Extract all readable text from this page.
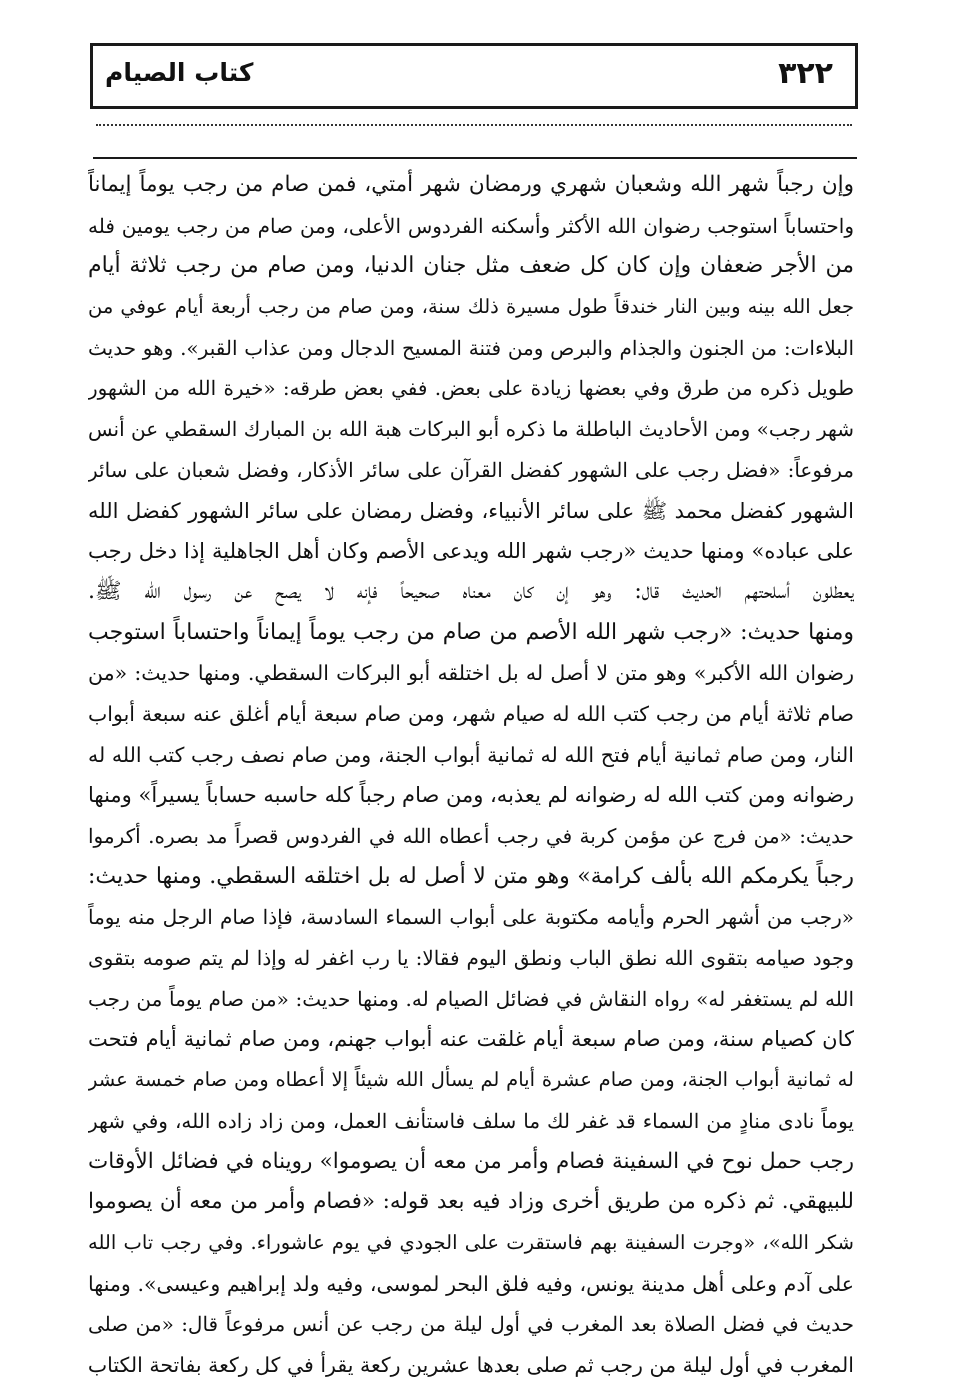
٣٢٢
كتاب الصيام
وإن رجباً شهر الله وشعبان شهري ورمضان شهر أمتي، فمن صام من رجب يوماً إيماناً
واحتساباً استوجب رضوان الله الأكثر وأسكنه الفردوس الأعلى، ومن صام من رجب يومين فله
من الأجر ضعفان وإن كان كل ضعف مثل جنان الدنيا، ومن صام من رجب ثلاثة أيام
جعل الله بينه وبين النار خندقاً طول مسيرة ذلك سنة، ومن صام من رجب أربعة أيام عوفي من
البلاءات: من الجنون والجذام والبرص ومن فتنة المسيح الدجال ومن عذاب القبر». وهو حديث
طويل ذكره من طرق وفي بعضها زيادة على بعض. ففي بعض طرقه: «خيرة الله من الشهور
شهر رجب» ومن الأحاديث الباطلة ما ذكره أبو البركات هبة الله بن المبارك السقطي عن أنس
مرفوعاً: «فضل رجب على الشهور كفضل القرآن على سائر الأذكار، وفضل شعبان على سائر
الشهور كفضل محمد ﷺ على سائر الأنبياء، وفضل رمضان على سائر الشهور كفضل الله
على عباده» ومنها حديث «رجب شهر الله ويدعى الأصم وكان أهل الجاهلية إذا دخل رجب
يعطلون أسلحتهم الحديث قال: وهو إن كان معناه صحيحاً فإنه لا يصح عن رسول الله ﷺ.
ومنها حديث: «رجب شهر الله الأصم من صام من رجب يوماً إيماناً واحتساباً استوجب
رضوان الله الأكبر» وهو متن لا أصل له بل اختلقه أبو البركات السقطي. ومنها حديث: «من
صام ثلاثة أيام من رجب كتب الله له صيام شهر، ومن صام سبعة أيام أغلق عنه سبعة أبواب
النار، ومن صام ثمانية أيام فتح الله له ثمانية أبواب الجنة، ومن صام نصف رجب كتب الله له
رضوانه ومن كتب الله له رضوانه لم يعذبه، ومن صام رجباً كله حاسبه حساباً يسيراً» ومنها
حديث: «من فرج عن مؤمن كربة في رجب أعطاه الله في الفردوس قصراً مد بصره. أكرموا
رجباً يكرمكم الله بألف كرامة» وهو متن لا أصل له بل اختلقه السقطي. ومنها حديث:
«رجب من أشهر الحرم وأيامه مكتوبة على أبواب السماء السادسة، فإذا صام الرجل منه يوماً
وجود صيامه بتقوى الله نطق الباب ونطق اليوم فقالا: يا رب اغفر له وإذا لم يتم صومه بتقوى
الله لم يستغفر له» رواه النقاش في فضائل الصيام له. ومنها حديث: «من صام يوماً من رجب
كان كصيام سنة، ومن صام سبعة أيام غلقت عنه أبواب جهنم، ومن صام ثمانية أيام فتحت
له ثمانية أبواب الجنة، ومن صام عشرة أيام لم يسأل الله شيئاً إلا أعطاه ومن صام خمسة عشر
يوماً نادى منادٍ من السماء قد غفر لك ما سلف فاستأنف العمل، ومن زاد زاده الله، وفي شهر
رجب حمل نوح في السفينة فصام وأمر من معه أن يصوموا» رويناه في فضائل الأوقات
للبيهقي. ثم ذكره من طريق أخرى وزاد فيه بعد قوله: «فصام وأمر من معه أن يصوموا
شكر الله»، «وجرت السفينة بهم فاستقرت على الجودي في يوم عاشوراء. وفي رجب تاب الله
على آدم وعلى أهل مدينة يونس، وفيه فلق البحر لموسى، وفيه ولد إبراهيم وعيسى». ومنها
حديث في فضل الصلاة بعد المغرب في أول ليلة من رجب عن أنس مرفوعاً قال: «من صلى
المغرب في أول ليلة من رجب ثم صلى بعدها عشرين ركعة يقرأ في كل ركعة بفاتحة الكتاب
